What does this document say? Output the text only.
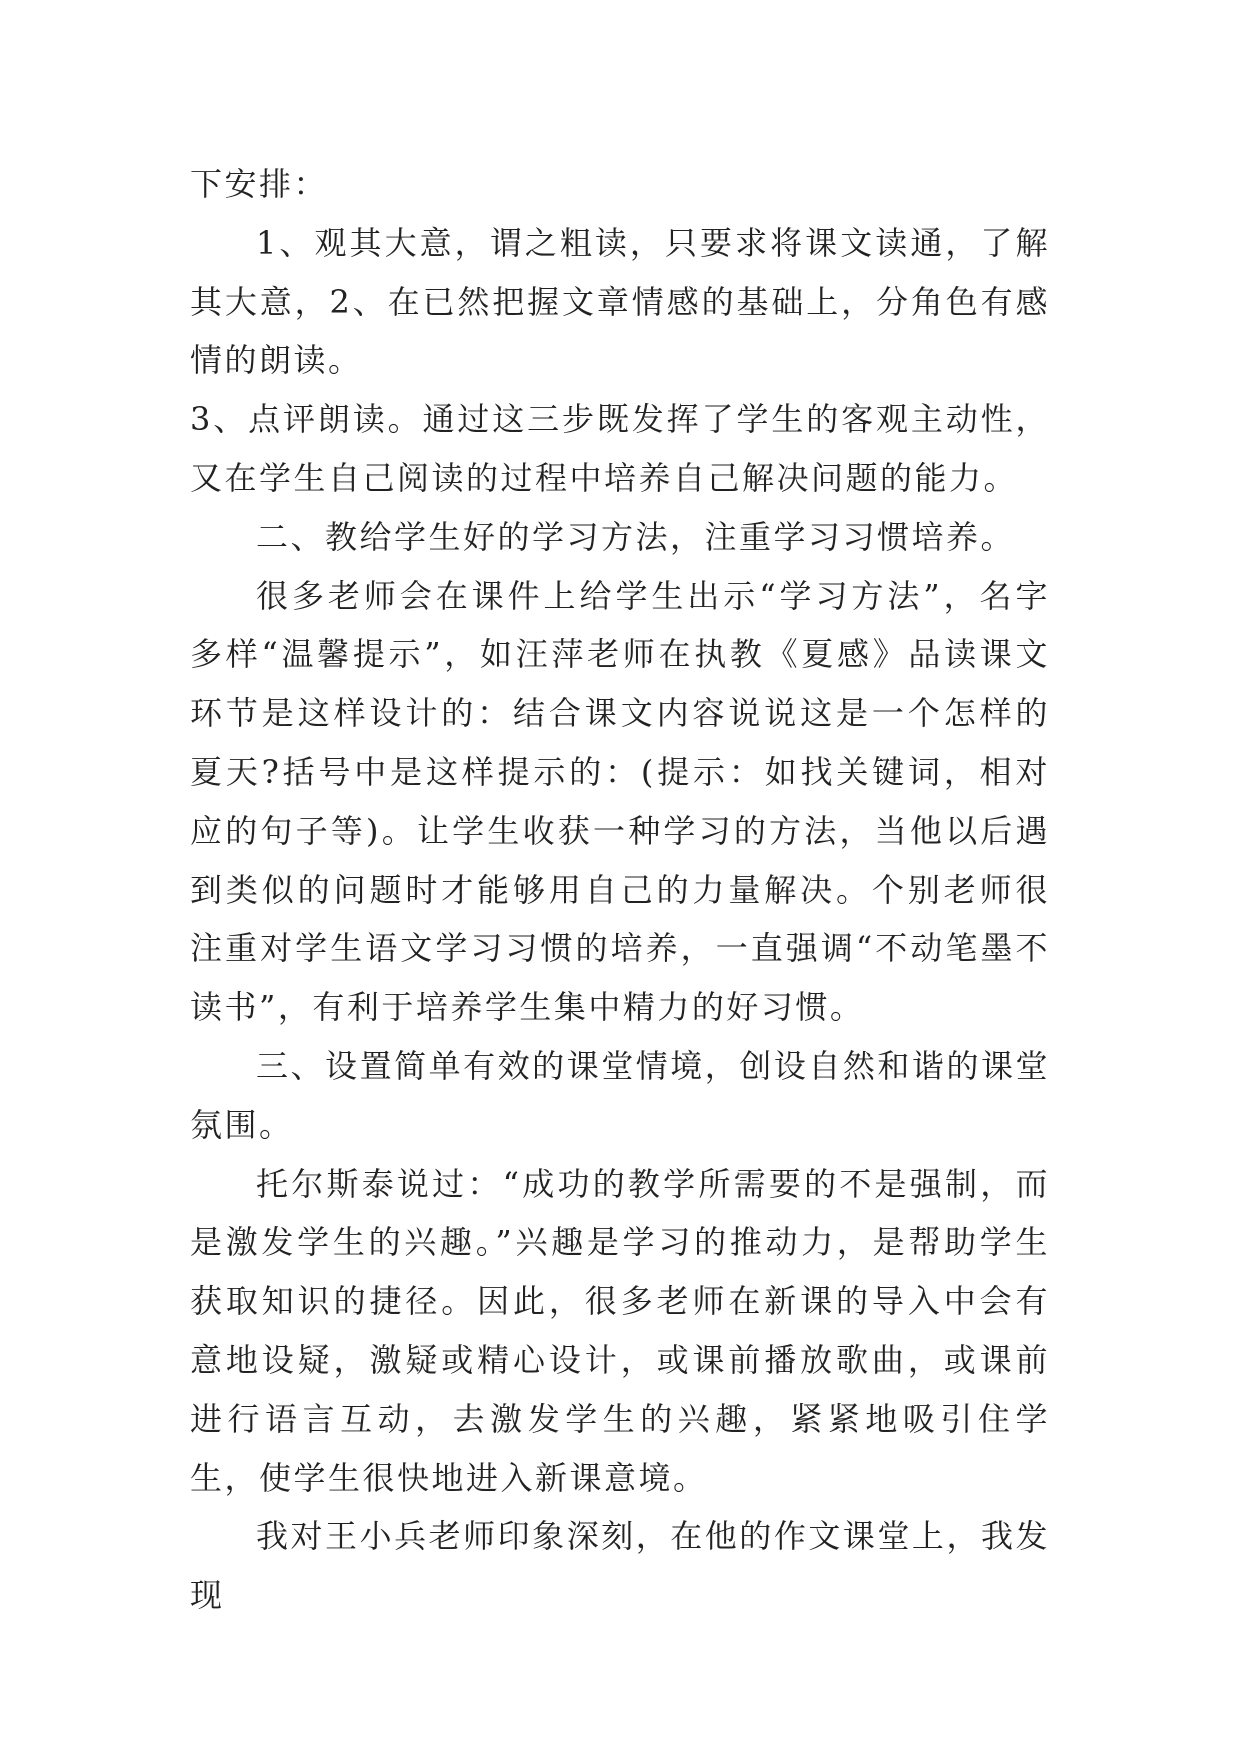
下安排：

1、观其大意，谓之粗读，只要求将课文读通，了解其大意，2、在已然把握文章情感的基础上，分角色有感情的朗读。

3、点评朗读。通过这三步既发挥了学生的客观主动性，又在学生自己阅读的过程中培养自己解决问题的能力。

二、教给学生好的学习方法，注重学习习惯培养。

很多老师会在课件上给学生出示“学习方法”，名字多样“温馨提示”，如汪萍老师在执教《夏感》品读课文环节是这样设计的：结合课文内容说说这是一个怎样的夏天?括号中是这样提示的：(提示：如找关键词，相对应的句子等)。让学生收获一种学习的方法，当他以后遇到类似的问题时才能够用自己的力量解决。个别老师很注重对学生语文学习习惯的培养，一直强调“不动笔墨不读书”，有利于培养学生集中精力的好习惯。

三、设置简单有效的课堂情境，创设自然和谐的课堂氛围。

托尔斯泰说过：“成功的教学所需要的不是强制，而是激发学生的兴趣。”兴趣是学习的推动力，是帮助学生获取知识的捷径。因此，很多老师在新课的导入中会有意地设疑，激疑或精心设计，或课前播放歌曲，或课前进行语言互动，去激发学生的兴趣，紧紧地吸引住学生，使学生很快地进入新课意境。

我对王小兵老师印象深刻，在他的作文课堂上，我发现
